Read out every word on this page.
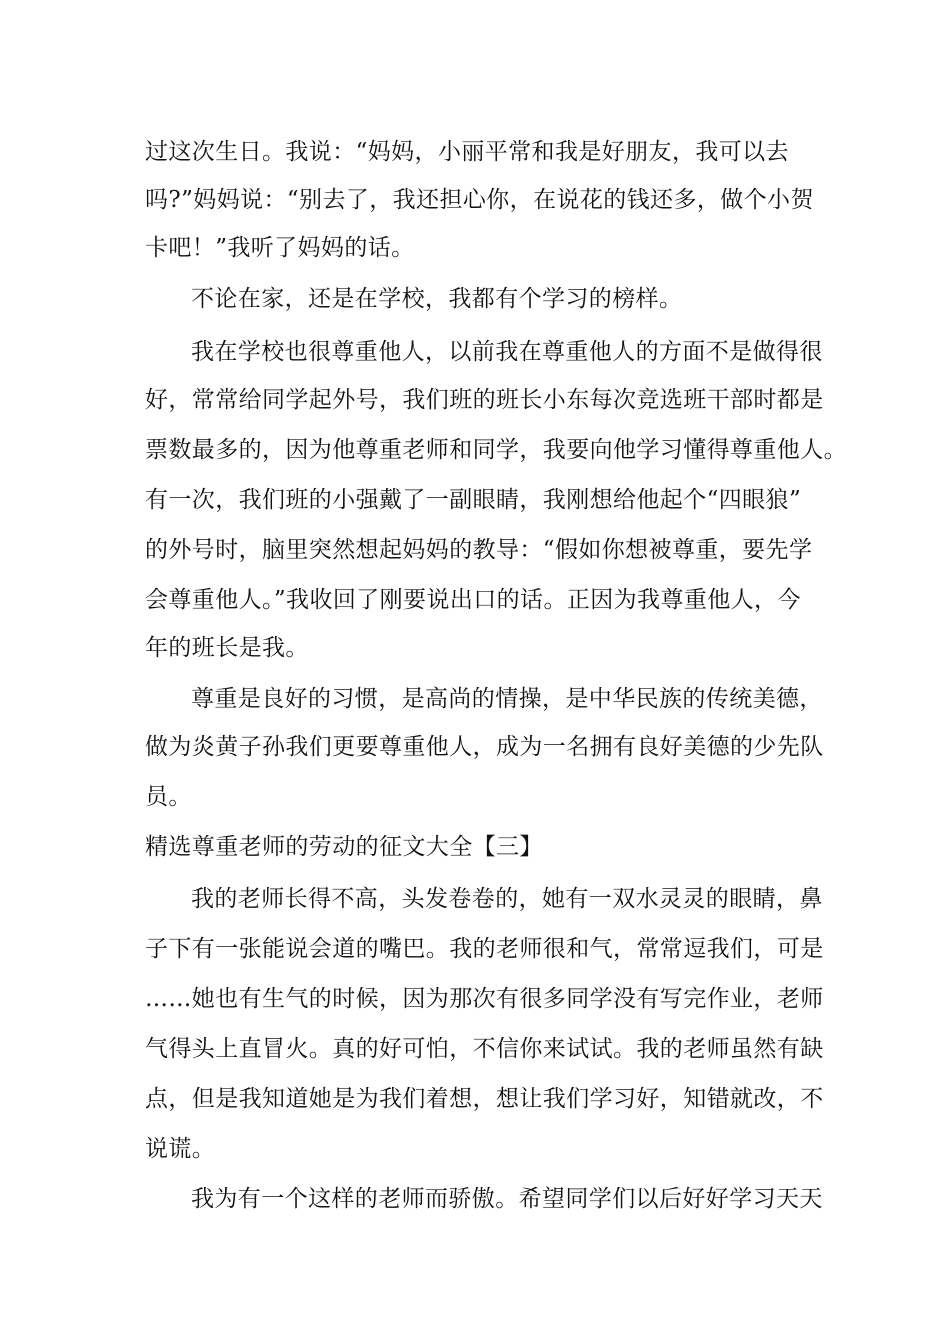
过这次生日。我说：“妈妈，小丽平常和我是好朋友，我可以去
吗?”妈妈说：“别去了，我还担心你，在说花的钱还多，做个小贺
卡吧！”我听了妈妈的话。
不论在家，还是在学校，我都有个学习的榜样。
我在学校也很尊重他人，以前我在尊重他人的方面不是做得很
好，常常给同学起外号，我们班的班长小东每次竞选班干部时都是
票数最多的，因为他尊重老师和同学，我要向他学习懂得尊重他人。
有一次，我们班的小强戴了一副眼睛，我刚想给他起个“四眼狼”
的外号时，脑里突然想起妈妈的教导：“假如你想被尊重，要先学
会尊重他人。”我收回了刚要说出口的话。正因为我尊重他人，今
年的班长是我。
尊重是良好的习惯，是高尚的情操，是中华民族的传统美德，
做为炎黄子孙我们更要尊重他人，成为一名拥有良好美德的少先队
员。
精选尊重老师的劳动的征文大全【三】
我的老师长得不高，头发卷卷的，她有一双水灵灵的眼睛，鼻
子下有一张能说会道的嘴巴。我的老师很和气，常常逗我们，可是
……她也有生气的时候，因为那次有很多同学没有写完作业，老师
气得头上直冒火。真的好可怕，不信你来试试。我的老师虽然有缺
点，但是我知道她是为我们着想，想让我们学习好，知错就改，不
说谎。
我为有一个这样的老师而骄傲。希望同学们以后好好学习天天
